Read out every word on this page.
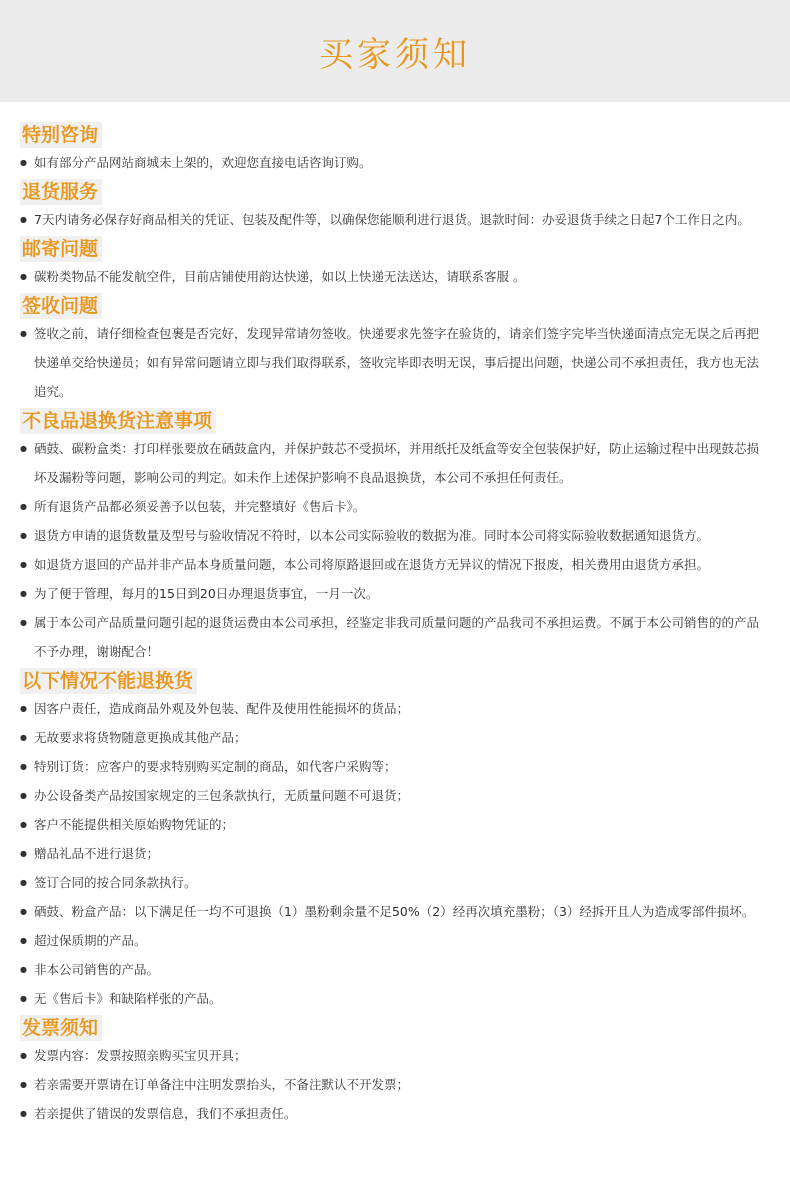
买家须知
特别咨询
● 如有部分产品网站商城未上架的，欢迎您直接电话咨询订购。
退货服务
● 7天内请务必保存好商品相关的凭证、包装及配件等，以确保您能顺利进行退货。退款时间：办妥退货手续之日起7个工作日之内。
邮寄问题
● 碳粉类物品不能发航空件，目前店铺使用韵达快递，如以上快递无法送达，请联系客服 。
签收问题
● 签收之前，请仔细检查包裹是否完好，发现异常请勿签收。快递要求先签字在验货的，请亲们签字完毕当快递面清点完无误之后再把快递单交给快递员；如有异常问题请立即与我们取得联系，签收完毕即表明无误，事后提出问题，快递公司不承担责任，我方也无法追究。
不良品退换货注意事项
● 硒鼓、碳粉盒类：打印样张要放在硒鼓盒内，并保护鼓芯不受损坏，并用纸托及纸盒等安全包装保护好，防止运输过程中出现鼓芯损坏及漏粉等问题，影响公司的判定。如未作上述保护影响不良品退换货，本公司不承担任何责任。
● 所有退货产品都必须妥善予以包装，并完整填好《售后卡》。
● 退货方申请的退货数量及型号与验收情况不符时，以本公司实际验收的数据为准。同时本公司将实际验收数据通知退货方。
● 如退货方退回的产品并非产品本身质量问题，本公司将原路退回或在退货方无异议的情况下报废，相关费用由退货方承担。
● 为了便于管理，每月的15日到20日办理退货事宜，一月一次。
● 属于本公司产品质量问题引起的退货运费由本公司承担，经鉴定非我司质量问题的产品我司不承担运费。不属于本公司销售的的产品不予办理，谢谢配合！
以下情况不能退换货
● 因客户责任，造成商品外观及外包装、配件及使用性能损坏的货品；
● 无故要求将货物随意更换成其他产品；
● 特别订货：应客户的要求特别购买定制的商品，如代客户采购等；
● 办公设备类产品按国家规定的三包条款执行，无质量问题不可退货；
● 客户不能提供相关原始购物凭证的；
● 赠品礼品不进行退货；
● 签订合同的按合同条款执行。
● 硒鼓、粉盒产品：以下满足任一均不可退换（1）墨粉剩余量不足50%（2）经再次填充墨粉；（3）经拆开且人为造成零部件损坏。
● 超过保质期的产品。
● 非本公司销售的产品。
● 无《售后卡》和缺陷样张的产品。
发票须知
● 发票内容：发票按照亲购买宝贝开具；
● 若亲需要开票请在订单备注中注明发票抬头，不备注默认不开发票；
● 若亲提供了错误的发票信息，我们不承担责任。
